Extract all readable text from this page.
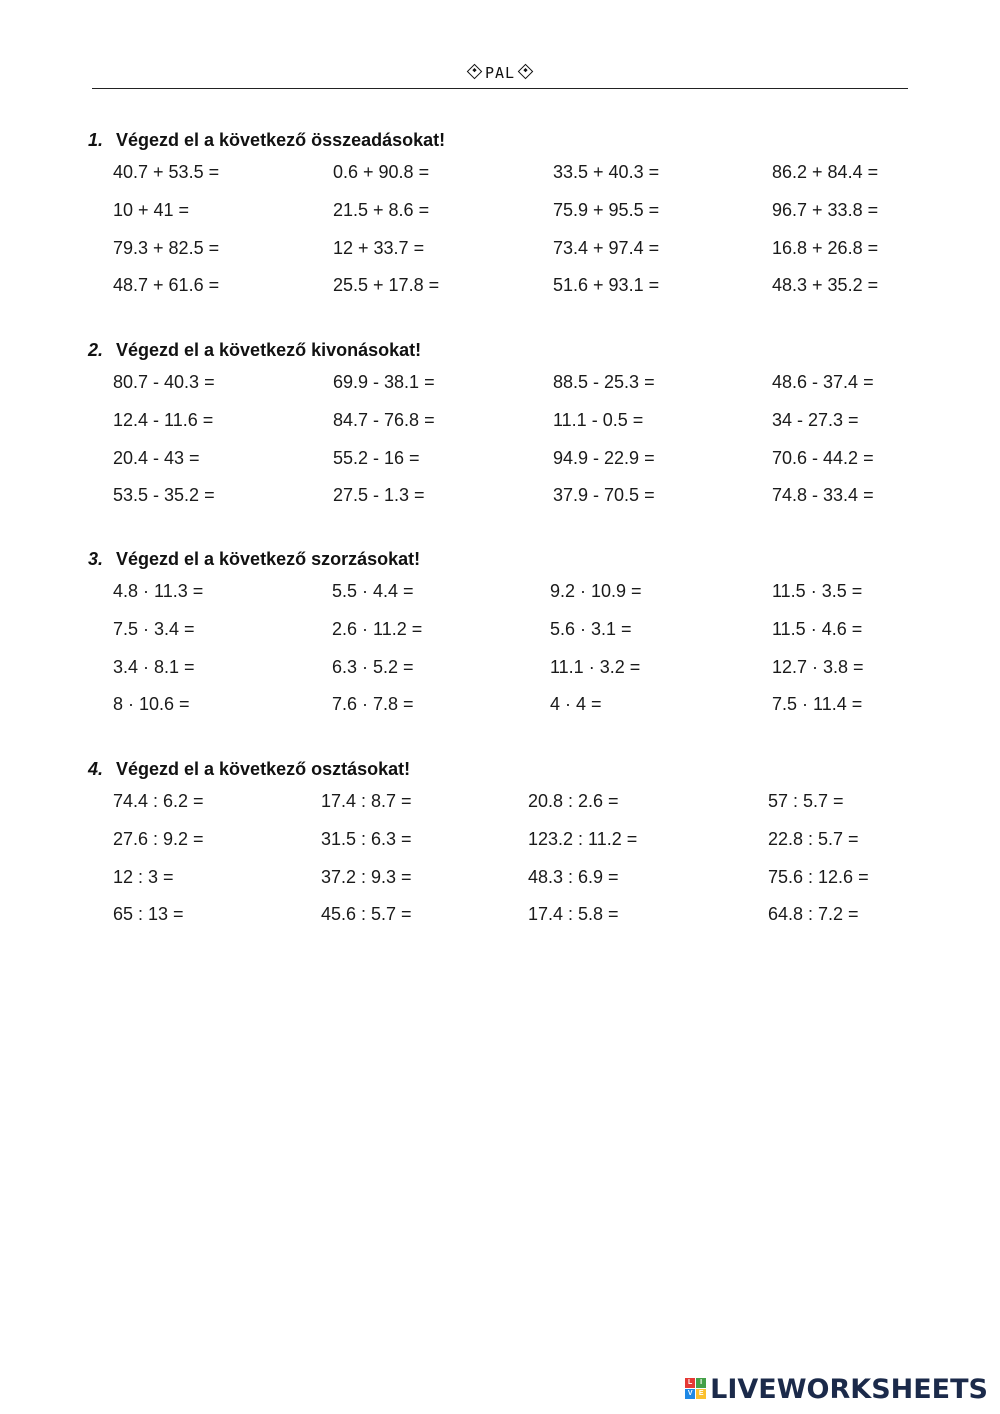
PAL
1. Végezd el a következő összeadásokat!
40.7 + 53.5 =
10 + 41 =
79.3 + 82.5 =
48.7 + 61.6 =
0.6 + 90.8 =
21.5 + 8.6 =
12 + 33.7 =
25.5 + 17.8 =
33.5 + 40.3 =
75.9 + 95.5 =
73.4 + 97.4 =
51.6 + 93.1 =
86.2 + 84.4 =
96.7 + 33.8 =
16.8 + 26.8 =
48.3 + 35.2 =
2. Végezd el a következő kivonásokat!
80.7 - 40.3 =
12.4 - 11.6 =
20.4 - 43 =
53.5 - 35.2 =
69.9 - 38.1 =
84.7 - 76.8 =
55.2 - 16 =
27.5 - 1.3 =
88.5 - 25.3 =
11.1 - 0.5 =
94.9 - 22.9 =
37.9 - 70.5 =
48.6 - 37.4 =
34 - 27.3 =
70.6 - 44.2 =
74.8 - 33.4 =
3. Végezd el a következő szorzásokat!
4.8 · 11.3 =
7.5 · 3.4 =
3.4 · 8.1 =
8 · 10.6 =
5.5 · 4.4 =
2.6 · 11.2 =
6.3 · 5.2 =
7.6 · 7.8 =
9.2 · 10.9 =
5.6 · 3.1 =
11.1 · 3.2 =
4 · 4 =
11.5 · 3.5 =
11.5 · 4.6 =
12.7 · 3.8 =
7.5 · 11.4 =
4. Végezd el a következő osztásokat!
74.4 : 6.2 =
27.6 : 9.2 =
12 : 3 =
65 : 13 =
17.4 : 8.7 =
31.5 : 6.3 =
37.2 : 9.3 =
45.6 : 5.7 =
20.8 : 2.6 =
123.2 : 11.2 =
48.3 : 6.9 =
17.4 : 5.8 =
57 : 5.7 =
22.8 : 5.7 =
75.6 : 12.6 =
64.8 : 7.2 =
L	I
V E LIVEWORKSHEETS
